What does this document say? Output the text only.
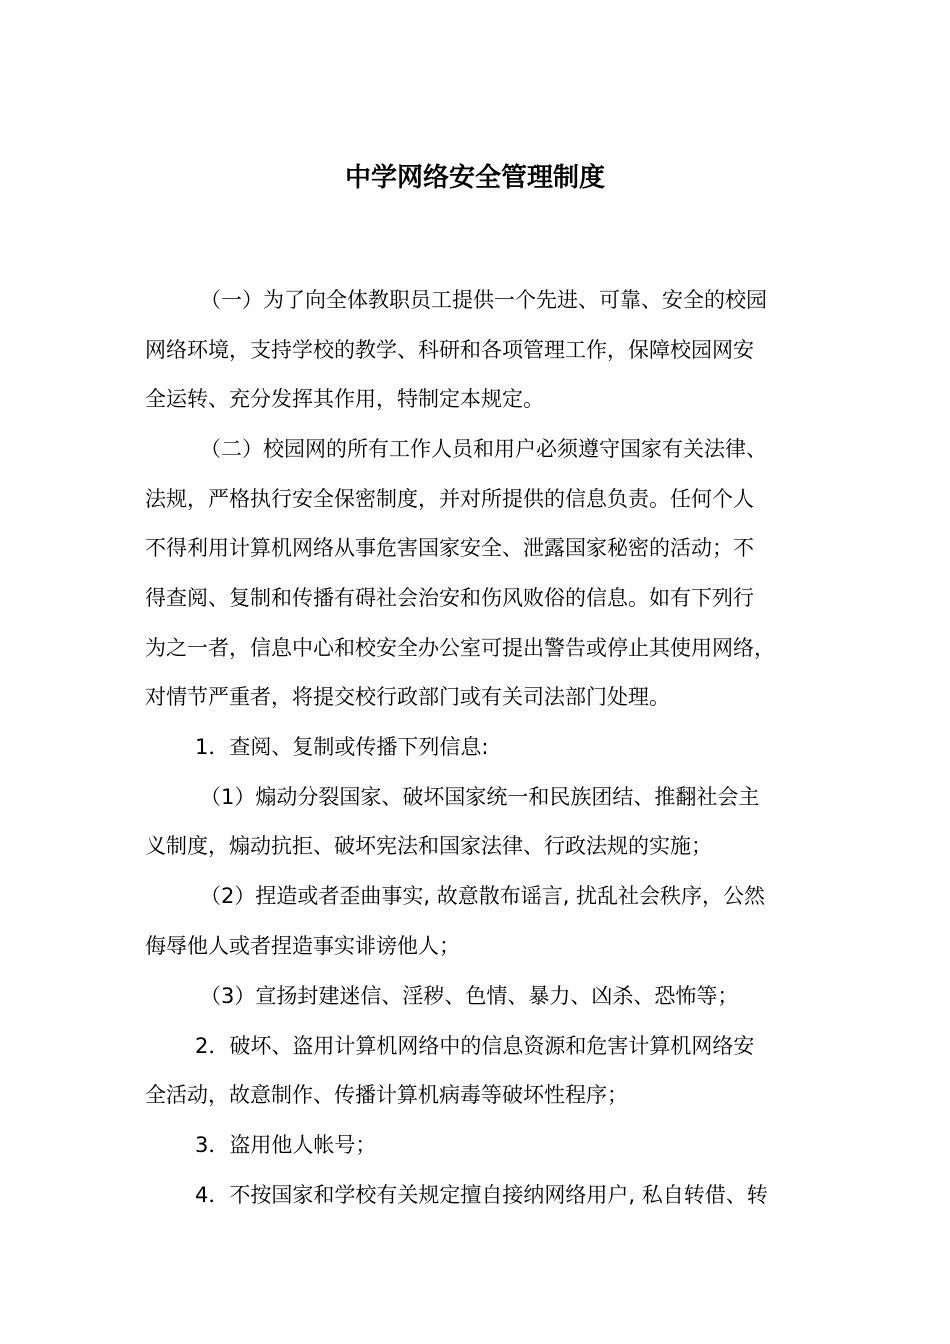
中学网络安全管理制度
（一）为了向全体教职员工提供一个先进、可靠、安全的校园
网络环境，支持学校的教学、科研和各项管理工作，保障校园网安
全运转、充分发挥其作用，特制定本规定。
（二）校园网的所有工作人员和用户必须遵守国家有关法律、
法规，严格执行安全保密制度，并对所提供的信息负责。任何个人
不得利用计算机网络从事危害国家安全、泄露国家秘密的活动；不
得查阅、复制和传播有碍社会治安和伤风败俗的信息。如有下列行
为之一者，信息中心和校安全办公室可提出警告或停止其使用网络，
对情节严重者，将提交校行政部门或有关司法部门处理。
1．查阅、复制或传播下列信息:
（1）煽动分裂国家、破坏国家统一和民族团结、推翻社会主
义制度，煽动抗拒、破坏宪法和国家法律、行政法规的实施；
（2）捏造或者歪曲事实, 故意散布谣言, 扰乱社会秩序，公然
侮辱他人或者捏造事实诽谤他人；
（3）宣扬封建迷信、淫秽、色情、暴力、凶杀、恐怖等；
2．破坏、盗用计算机网络中的信息资源和危害计算机网络安
全活动，故意制作、传播计算机病毒等破坏性程序；
3．盗用他人帐号；
4．不按国家和学校有关规定擅自接纳网络用户, 私自转借、转
